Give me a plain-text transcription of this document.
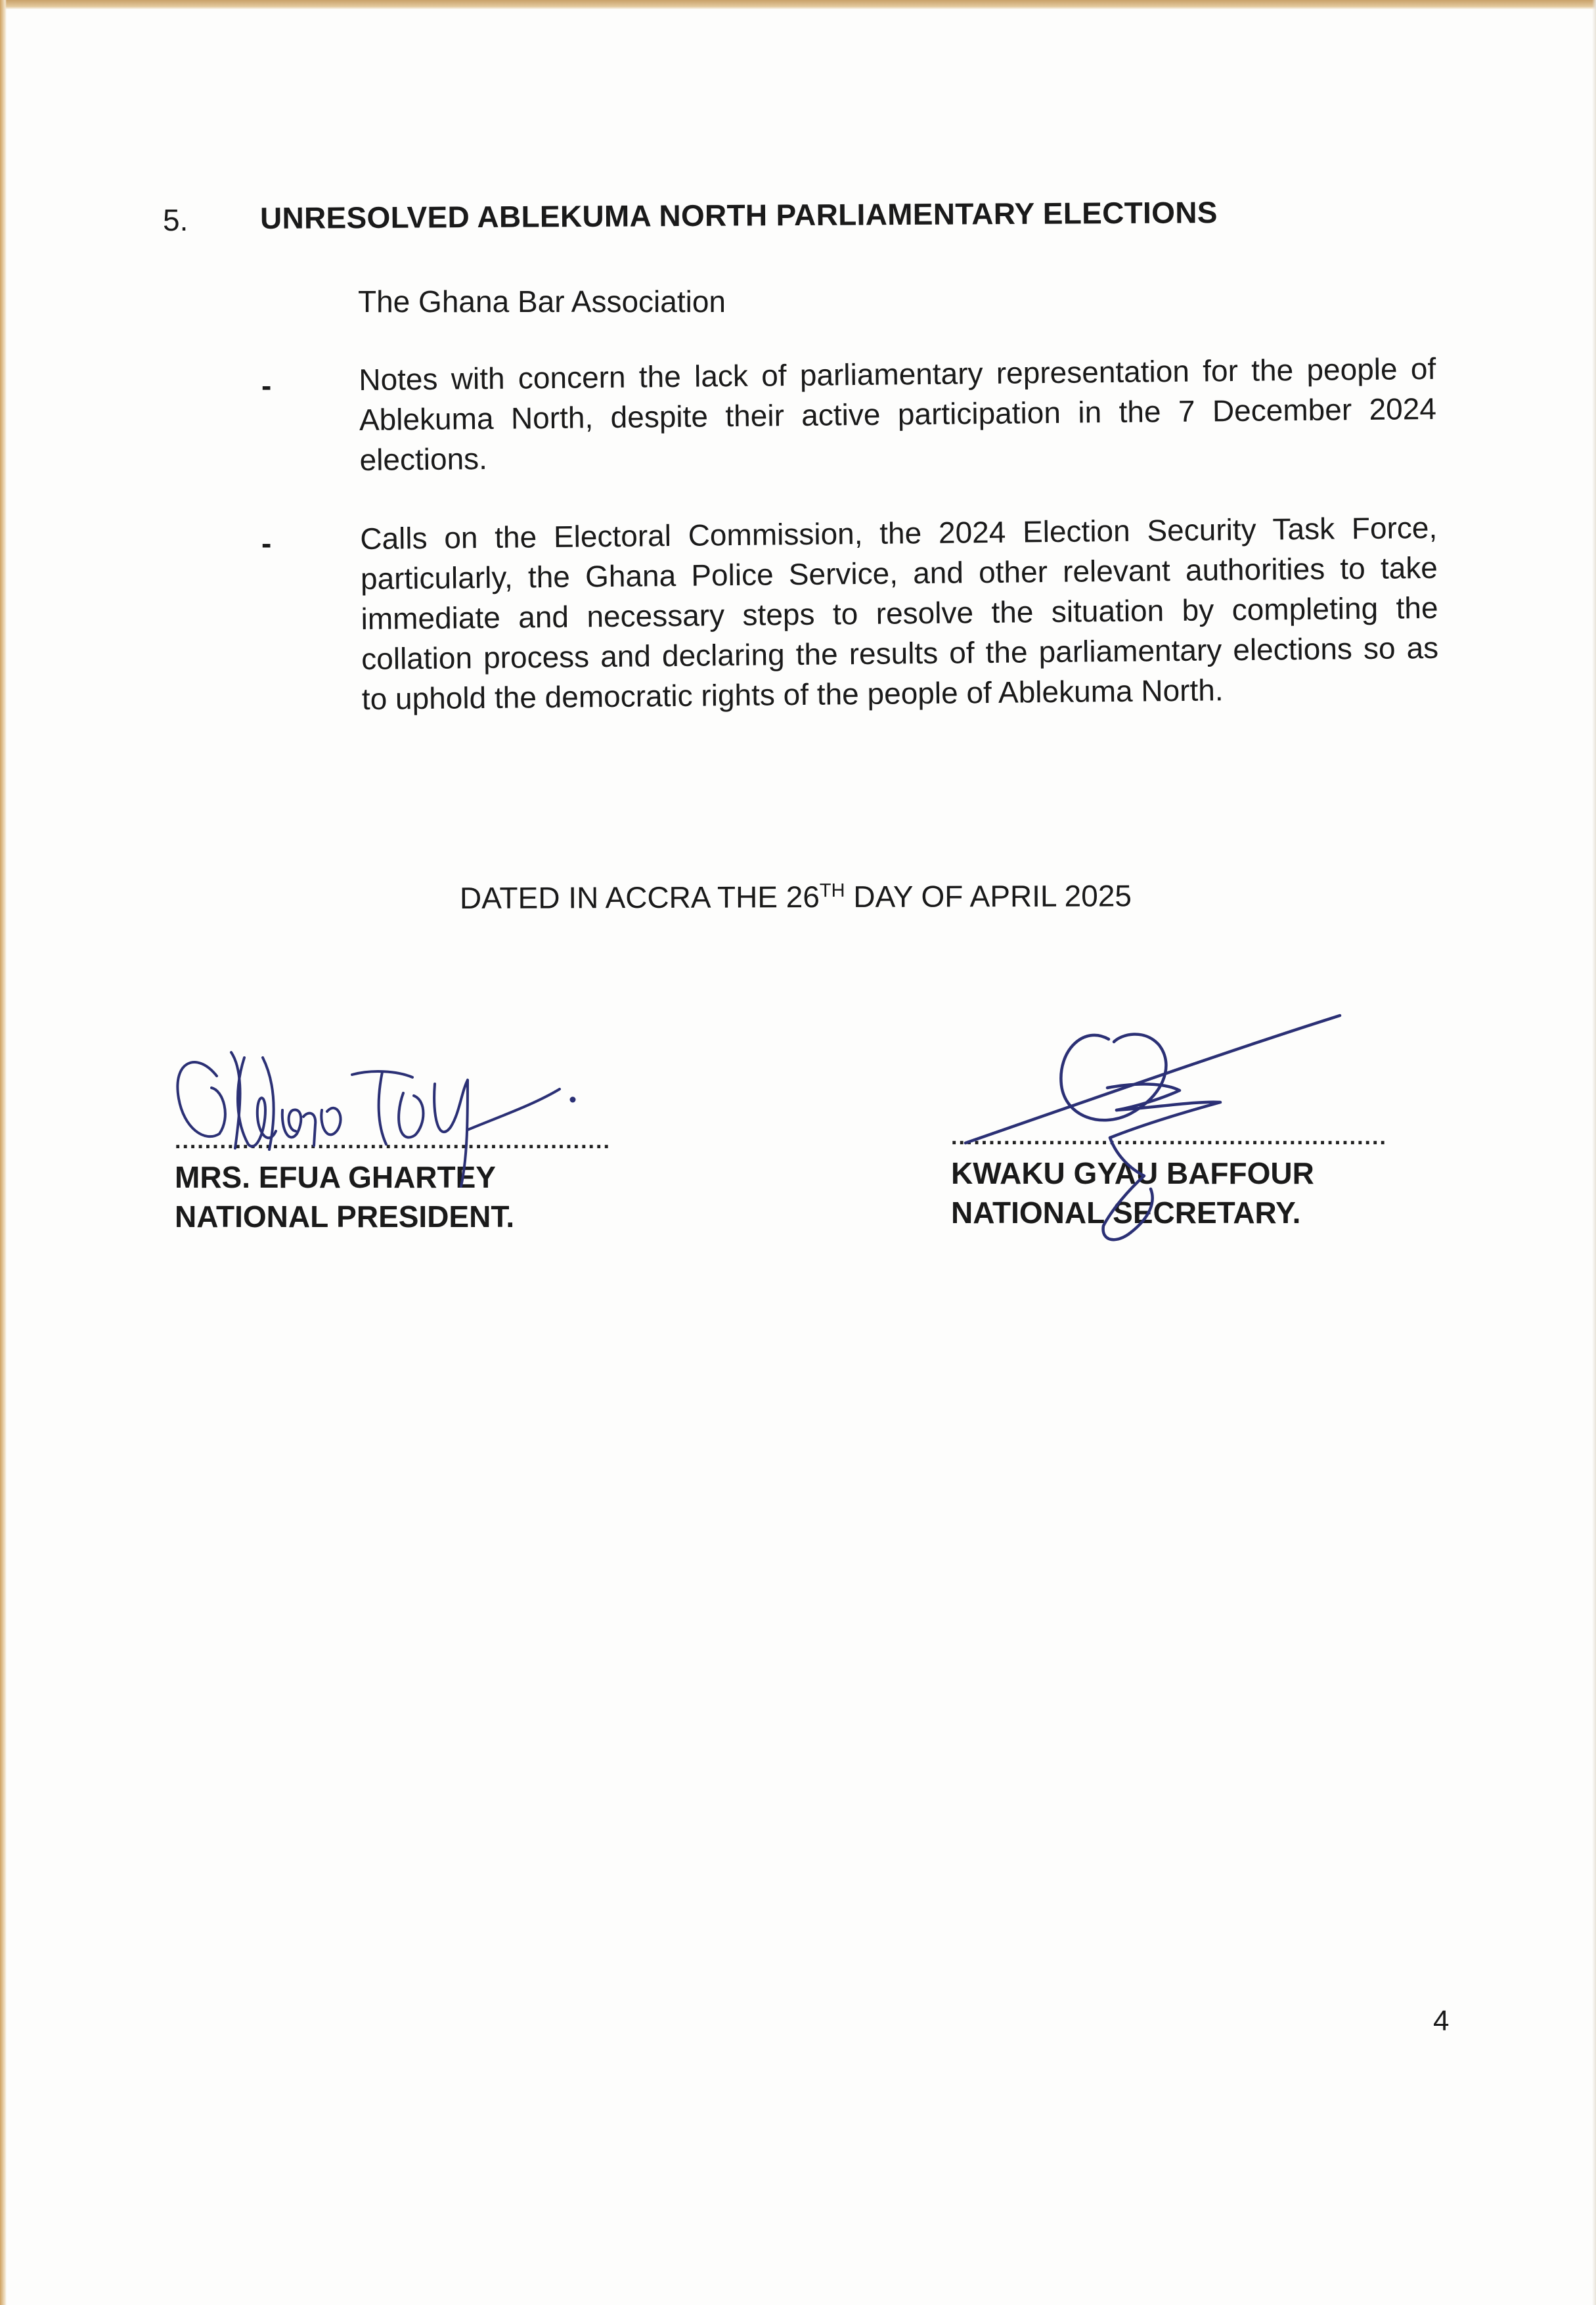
5. UNRESOLVED ABLEKUMA NORTH PARLIAMENTARY ELECTIONS
The Ghana Bar Association
-	Notes with concern the lack of parliamentary representation for the people of Ablekuma North, despite their active participation in the 7 December 2024 elections.
-	Calls on the Electoral Commission, the 2024 Election Security Task Force, particularly, the Ghana Police Service, and other relevant authorities to take immediate and necessary steps to resolve the situation by completing the collation process and declaring the results of the parliamentary elections so as to uphold the democratic rights of the people of Ablekuma North.
DATED IN ACCRA THE 26TH DAY OF APRIL 2025
..........................................................	..........................................................
MRS. EFUA GHARTEY
NATIONAL PRESIDENT.
KWAKU GYAU BAFFOUR
NATIONAL SECRETARY.
4
